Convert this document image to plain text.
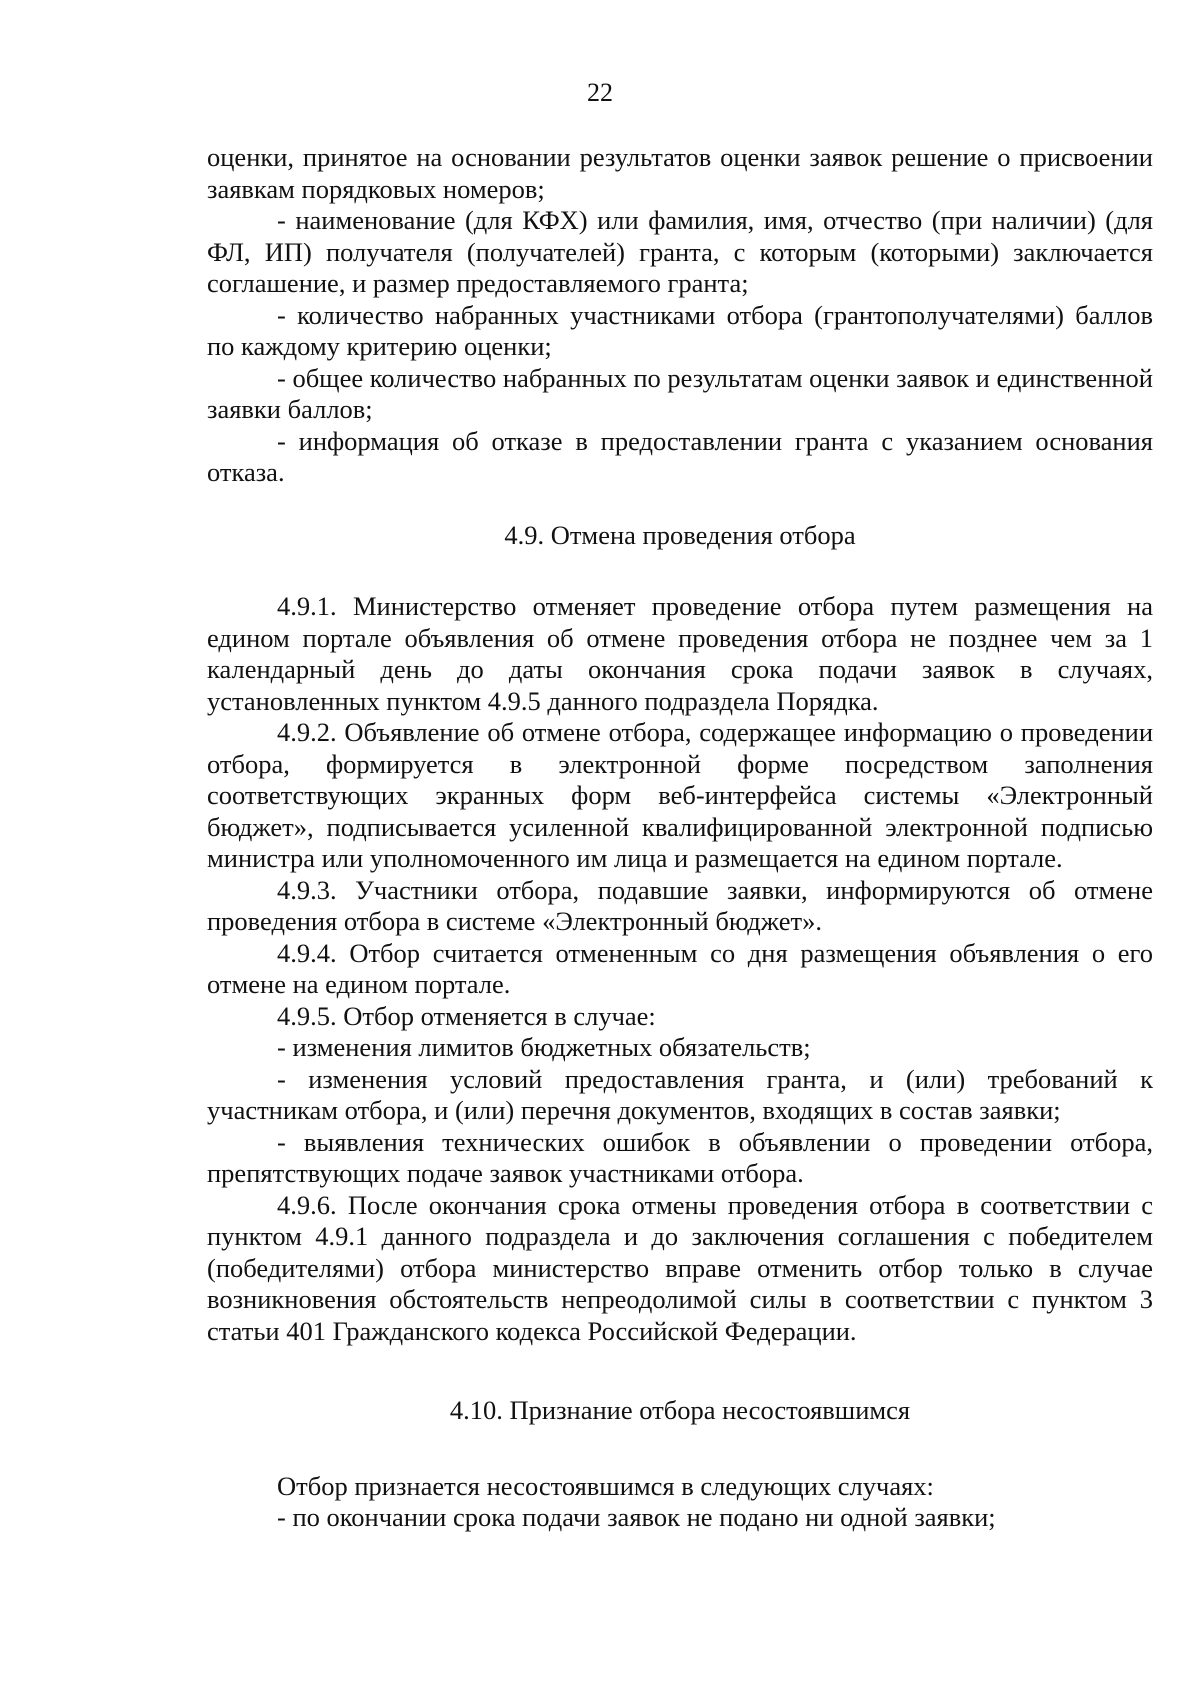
22

оценки, принятое на основании результатов оценки заявок решение о присвоении заявкам порядковых номеров;

- наименование (для КФХ) или фамилия, имя, отчество (при наличии) (для ФЛ, ИП) получателя (получателей) гранта, с которым (которыми) заключается соглашение, и размер предоставляемого гранта;

- количество набранных участниками отбора (грантополучателями) баллов по каждому критерию оценки;

- общее количество набранных по результатам оценки заявок и единственной заявки баллов;

- информация об отказе в предоставлении гранта с указанием основания отказа.

4.9. Отмена проведения отбора

4.9.1. Министерство отменяет проведение отбора путем размещения на едином портале объявления об отмене проведения отбора не позднее чем за 1 календарный день до даты окончания срока подачи заявок в случаях, установленных пунктом 4.9.5 данного подраздела Порядка.

4.9.2. Объявление об отмене отбора, содержащее информацию о проведении отбора, формируется в электронной форме посредством заполнения соответствующих экранных форм веб-интерфейса системы «Электронный бюджет», подписывается усиленной квалифицированной электронной подписью министра или уполномоченного им лица и размещается на едином портале.

4.9.3. Участники отбора, подавшие заявки, информируются об отмене проведения отбора в системе «Электронный бюджет».

4.9.4. Отбор считается отмененным со дня размещения объявления о его отмене на едином портале.

4.9.5. Отбор отменяется в случае:

- изменения лимитов бюджетных обязательств;

- изменения условий предоставления гранта, и (или) требований к участникам отбора, и (или) перечня документов, входящих в состав заявки;

- выявления технических ошибок в объявлении о проведении отбора, препятствующих подаче заявок участниками отбора.

4.9.6. После окончания срока отмены проведения отбора в соответствии с пунктом 4.9.1 данного подраздела и до заключения соглашения с победителем (победителями) отбора министерство вправе отменить отбор только в случае возникновения обстоятельств непреодолимой силы в соответствии с пунктом 3 статьи 401 Гражданского кодекса Российской Федерации.

4.10. Признание отбора несостоявшимся

Отбор признается несостоявшимся в следующих случаях:

- по окончании срока подачи заявок не подано ни одной заявки;
